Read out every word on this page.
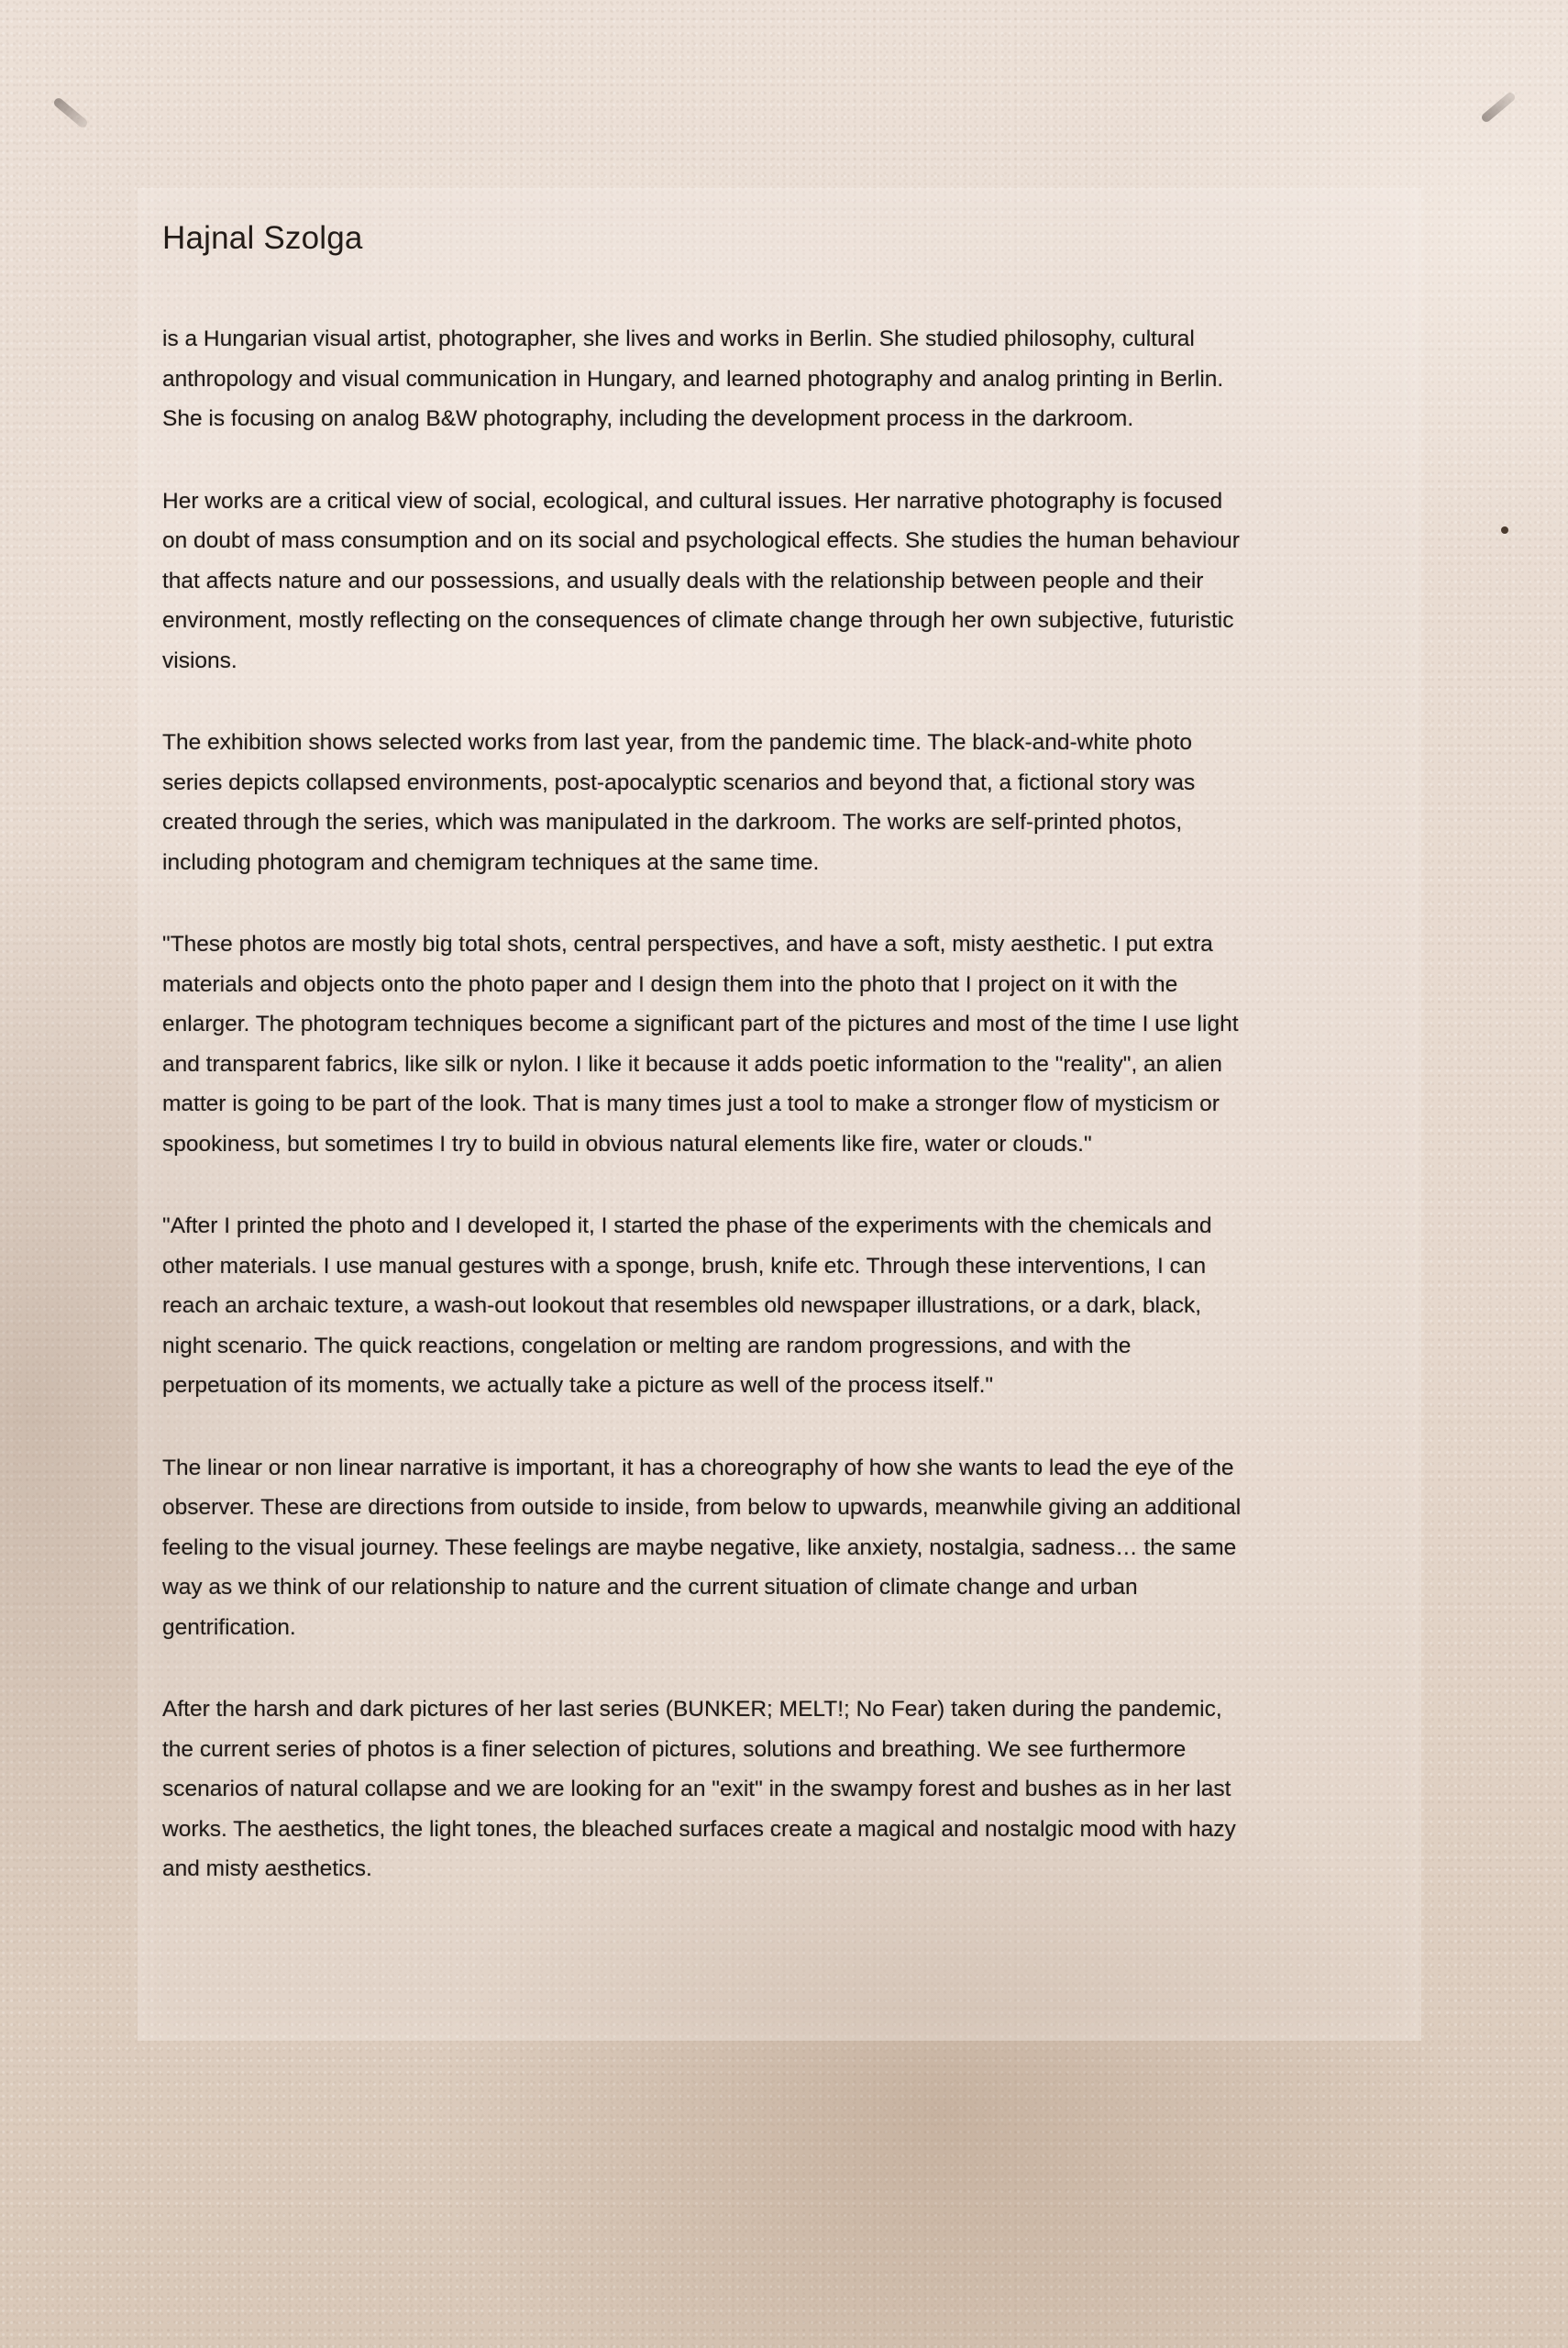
Hajnal Szolga

is a Hungarian visual artist, photographer, she lives and works in Berlin. She studied philosophy, cultural
anthropology and visual communication in Hungary, and learned photography and analog printing in Berlin.
She is focusing on analog B&W photography, including the development process in the darkroom.

Her works are a critical view of social, ecological, and cultural issues. Her narrative photography is focused
on doubt of mass consumption and on its social and psychological effects. She studies the human behaviour
that affects nature and our possessions, and usually deals with the relationship between people and their
environment, mostly reflecting on the consequences of climate change through her own subjective, futuristic
visions.

The exhibition shows selected works from last year, from the pandemic time. The black-and-white photo
series depicts collapsed environments, post-apocalyptic scenarios and beyond that, a fictional story was
created through the series, which was manipulated in the darkroom. The works are self-printed photos,
including photogram and chemigram techniques at the same time.

"These photos are mostly big total shots, central perspectives, and have a soft, misty aesthetic. I put extra
materials and objects onto the photo paper and I design them into the photo that I project on it with the
enlarger. The photogram techniques become a significant part of the pictures and most of the time I use light
and transparent fabrics, like silk or nylon. I like it because it adds poetic information to the "reality", an alien
matter is going to be part of the look. That is many times just a tool to make a stronger flow of mysticism or
spookiness, but sometimes I try to build in obvious natural elements like fire, water or clouds."

"After I printed the photo and I developed it, I started the phase of the experiments with the chemicals and
other materials. I use manual gestures with a sponge, brush, knife etc. Through these interventions, I can
reach an archaic texture, a wash-out lookout that resembles old newspaper illustrations, or a dark, black,
night scenario. The quick reactions, congelation or melting are random progressions, and with the
perpetuation of its moments, we actually take a picture as well of the process itself."

The linear or non linear narrative is important, it has a choreography of how she wants to lead the eye of the
observer. These are directions from outside to inside, from below to upwards, meanwhile giving an additional
feeling to the visual journey. These feelings are maybe negative, like anxiety, nostalgia, sadness… the same
way as we think of our relationship to nature and the current situation of climate change and urban
gentrification.

After the harsh and dark pictures of her last series (BUNKER; MELT!; No Fear) taken during the pandemic,
the current series of photos is a finer selection of pictures, solutions and breathing. We see furthermore
scenarios of natural collapse and we are looking for an "exit" in the swampy forest and bushes as in her last
works. The aesthetics, the light tones, the bleached surfaces create a magical and nostalgic mood with hazy
and misty aesthetics.
